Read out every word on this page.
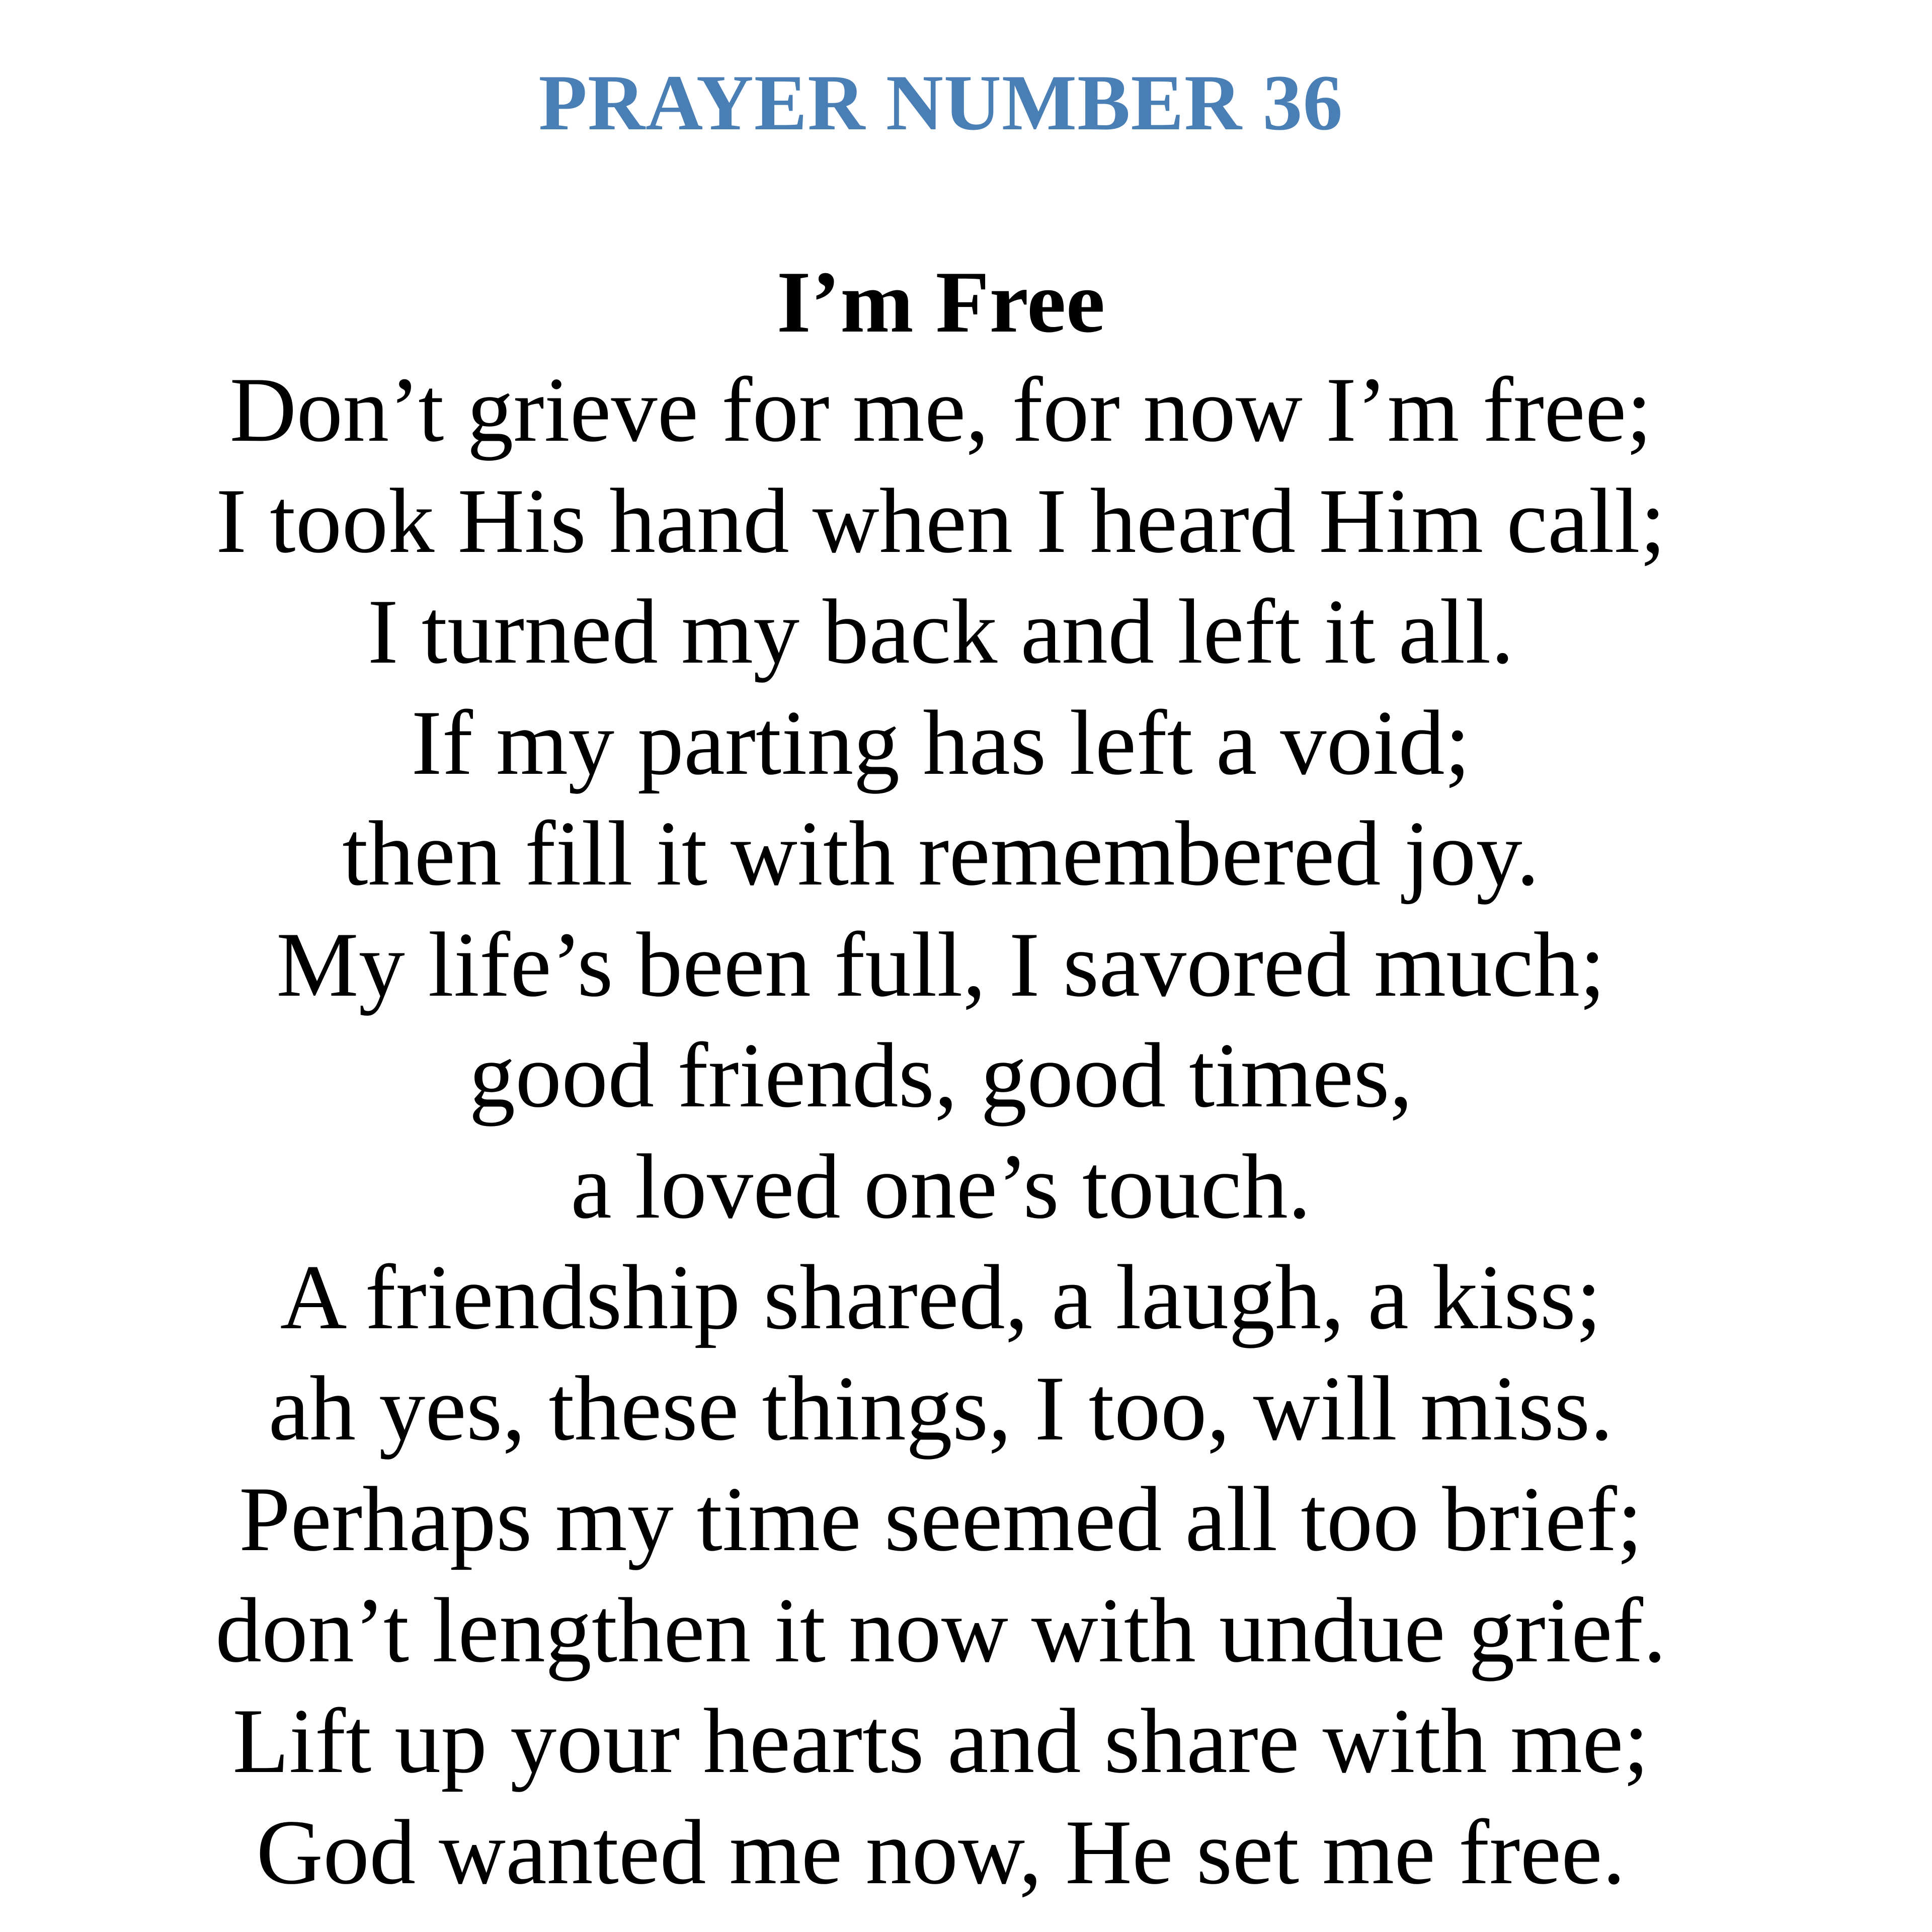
PRAYER NUMBER 36
I’m Free
Don’t grieve for me, for now I’m free;
I took His hand when I heard Him call;
I turned my back and left it all.
If my parting has left a void;
then fill it with remembered joy.
My life’s been full, I savored much;
good friends, good times,
a loved one’s touch.
A friendship shared, a laugh, a kiss;
ah yes, these things, I too, will miss.
Perhaps my time seemed all too brief;
don’t lengthen it now with undue grief.
Lift up your hearts and share with me;
God wanted me now, He set me free.
